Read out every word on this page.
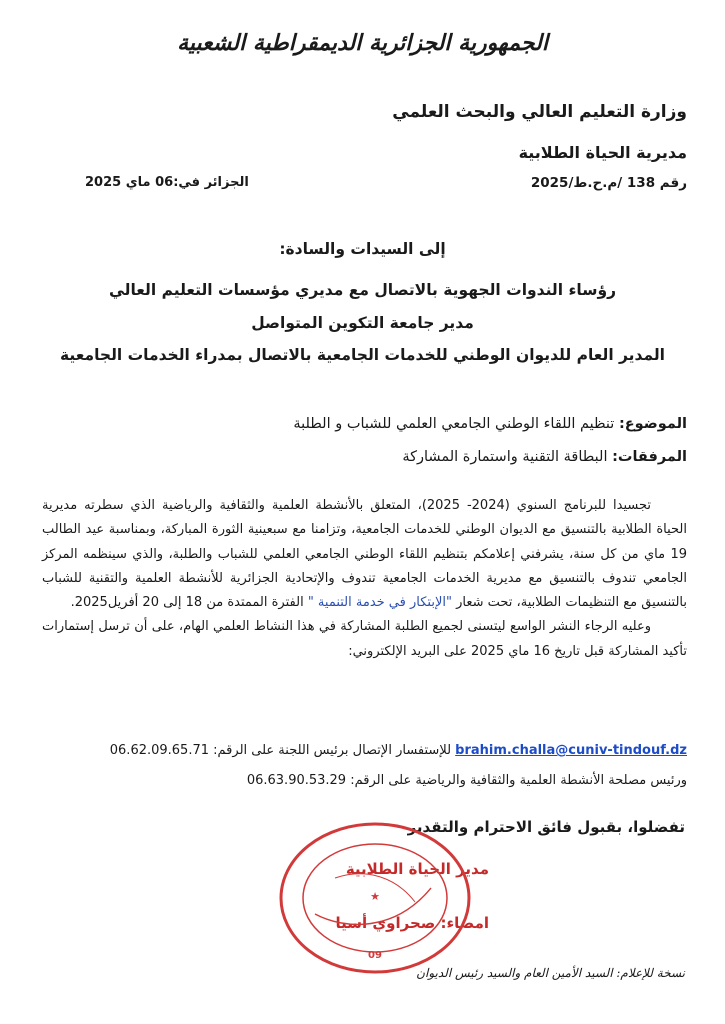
الجمهورية الجزائرية الديمقراطية الشعبية
وزارة التعليم العالي والبحث العلمي
مديرية الحياة الطلابية
رقم 138 /م.ح.ط/2025
الجزائر في:06 ماي 2025
إلى السيدات والسادة:
رؤساء الندوات الجهوية بالاتصال مع مديري مؤسسات التعليم العالي
مدير جامعة التكوين المتواصل
المدير العام للديوان الوطني للخدمات الجامعية بالاتصال بمدراء الخدمات الجامعية
الموضوع: تنظيم اللقاء الوطني الجامعي العلمي للشباب و الطلبة
المرفقات: البطاقة التقنية واستمارة المشاركة

تجسيدا للبرنامج السنوي (2024- 2025)، المتعلق بالأنشطة العلمية والثقافية والرياضية الذي سطرته مديرية الحياة الطلابية بالتنسيق مع الديوان الوطني للخدمات الجامعية، وتزامنا مع سبعينية الثورة المباركة، وبمناسبة عيد الطالب 19 ماي من كل سنة، يشرفني إعلامكم بتنظيم اللقاء الوطني الجامعي العلمي للشباب والطلبة، والذي سينظمه المركز الجامعي تندوف بالتنسيق مع مديرية الخدمات الجامعية تندوف والإتحادية الجزائرية للأنشطة العلمية والتقنية للشباب بالتنسيق مع التنظيمات الطلابية، تحت شعار "الإبتكار في خدمة التنمية " الفترة الممتدة من 18 إلى 20 أفريل2025.

وعليه الرجاء النشر الواسع ليتسنى لجميع الطلبة المشاركة في هذا النشاط العلمي الهام، على أن ترسل إستمارات تأكيد المشاركة قبل تاريخ 16 ماي 2025 على البريد الإلكتروني:

brahim.challa@cuniv-tindouf.dz للإستفسار الإتصال برئيس اللجنة على الرقم: 06.62.09.65.71
ورئيس مصلحة الأنشطة العلمية والثقافية والرياضية على الرقم: 06.63.90.53.29
تفضلوا، بقبول فائق الاحترام والتقدير
مدير الحياة الطلابية
امضاء: صحراوي أسيا
★
09
نسخة للإعلام: السيد الأمين العام والسيد رئيس الديوان
